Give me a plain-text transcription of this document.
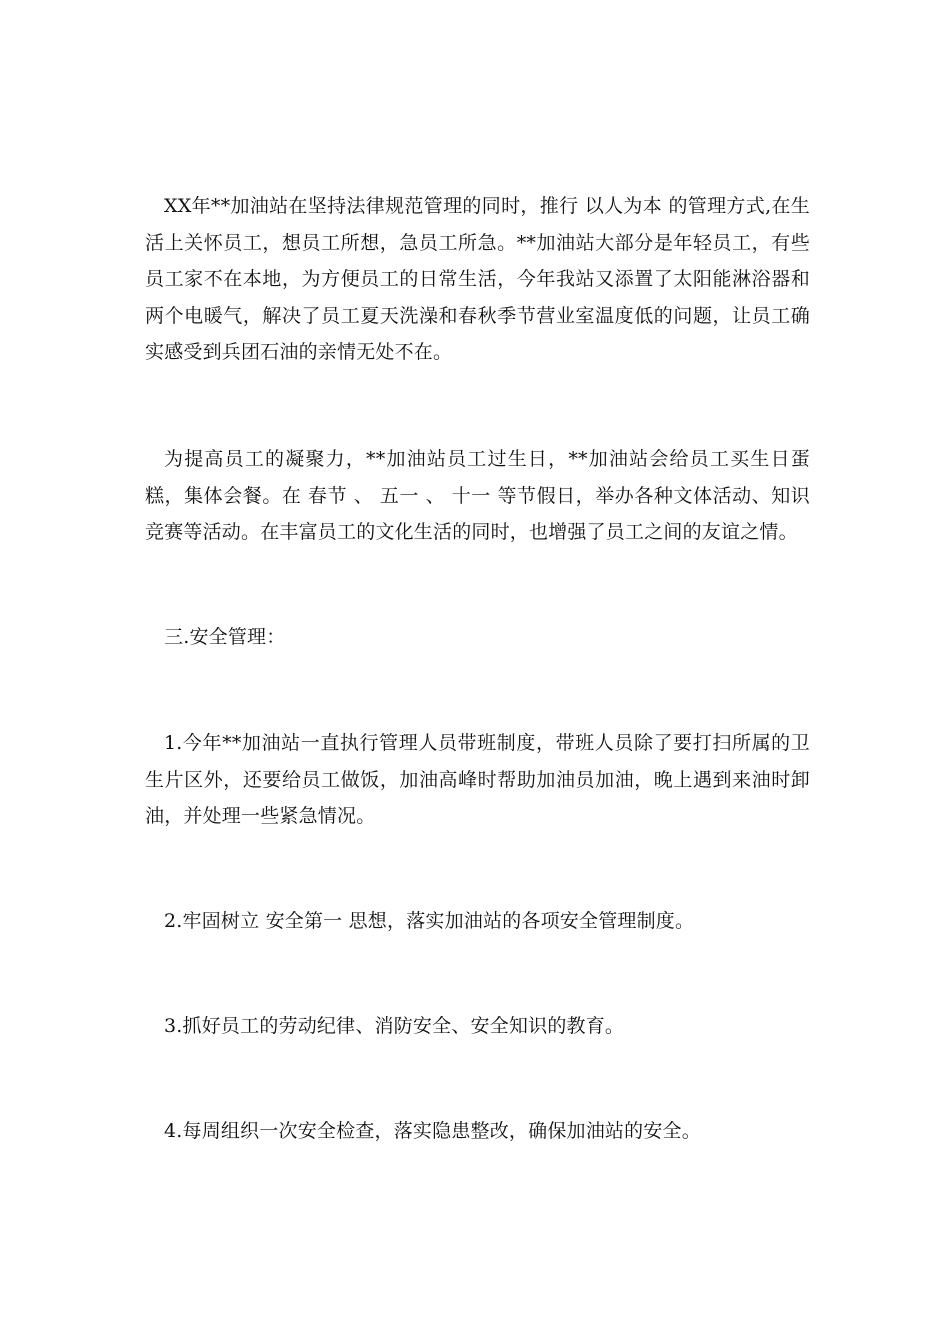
XX年**加油站在坚持法律规范管理的同时，推行 以人为本 的管理方式,在生活上关怀员工，想员工所想，急员工所急。**加油站大部分是年轻员工，有些员工家不在本地，为方便员工的日常生活，今年我站又添置了太阳能淋浴器和两个电暖气，解决了员工夏天洗澡和春秋季节营业室温度低的问题，让员工确实感受到兵团石油的亲情无处不在。

为提高员工的凝聚力，**加油站员工过生日，**加油站会给员工买生日蛋糕，集体会餐。在 春节 、 五一 、 十一 等节假日，举办各种文体活动、知识竞赛等活动。在丰富员工的文化生活的同时，也增强了员工之间的友谊之情。

三.安全管理：

1.今年**加油站一直执行管理人员带班制度，带班人员除了要打扫所属的卫生片区外，还要给员工做饭，加油高峰时帮助加油员加油，晚上遇到来油时卸油，并处理一些紧急情况。

2.牢固树立 安全第一 思想，落实加油站的各项安全管理制度。

3.抓好员工的劳动纪律、消防安全、安全知识的教育。

4.每周组织一次安全检查，落实隐患整改，确保加油站的安全。
